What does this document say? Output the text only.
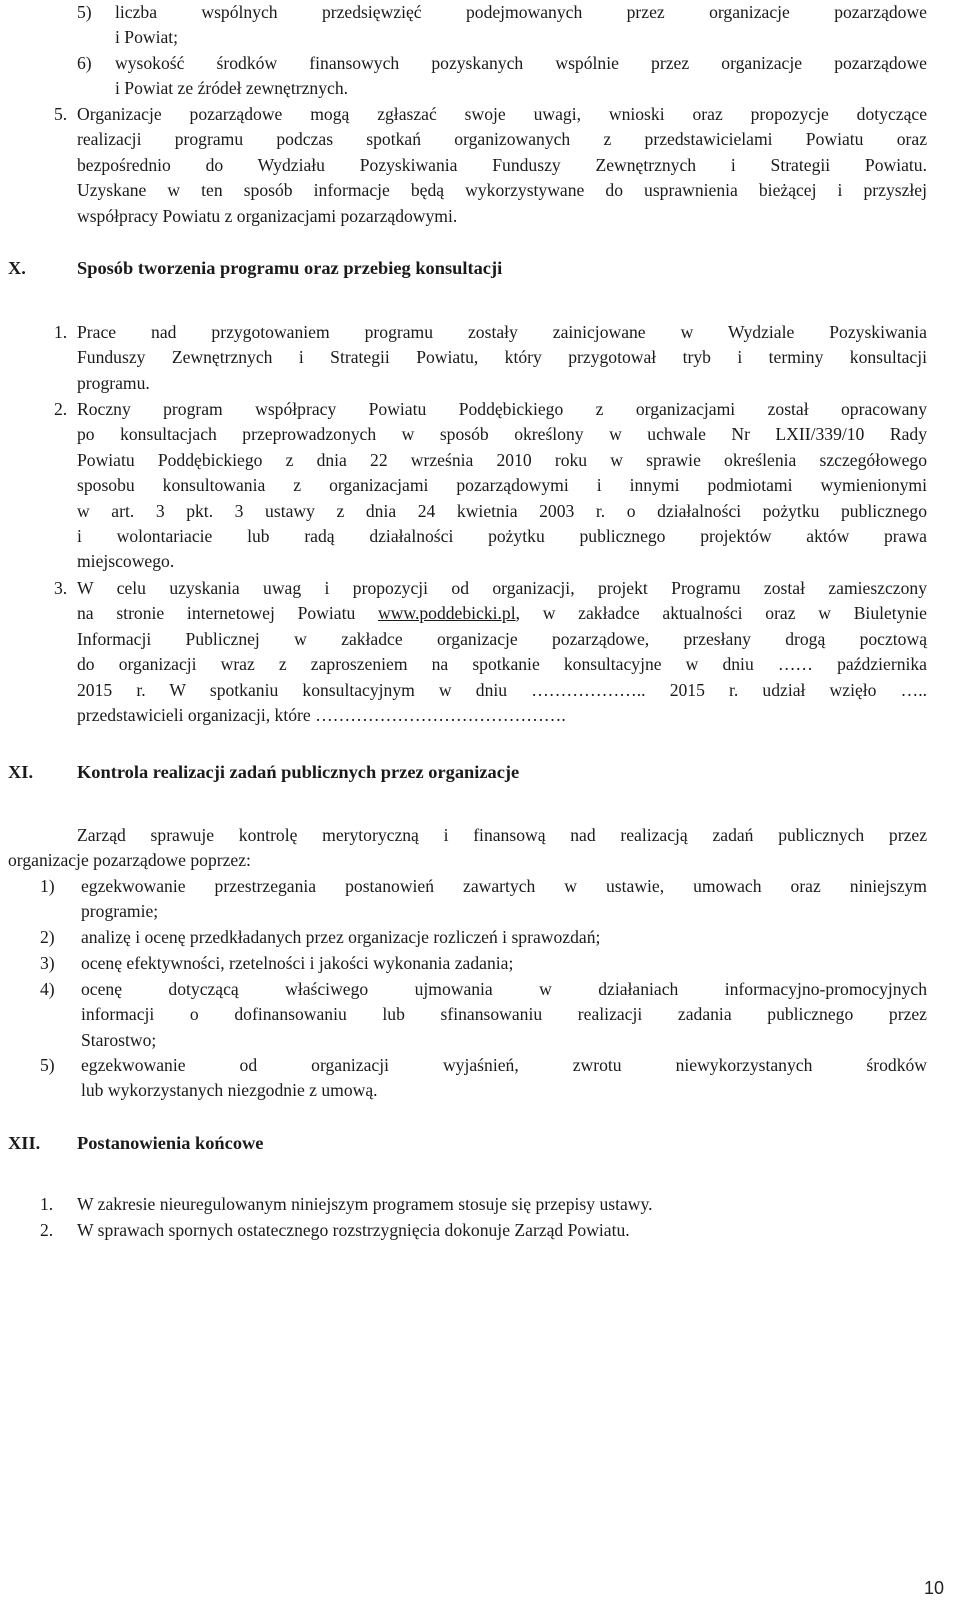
5) liczba wspólnych przedsięwzięć podejmowanych przez organizacje pozarządowe
i Powiat;
6) wysokość środków finansowych pozyskanych wspólnie przez organizacje pozarządowe
i Powiat ze źródeł zewnętrznych.
5. Organizacje pozarządowe mogą zgłaszać swoje uwagi, wnioski oraz propozycje dotyczące
realizacji programu podczas spotkań organizowanych z przedstawicielami Powiatu oraz
bezpośrednio do Wydziału Pozyskiwania Funduszy Zewnętrznych i Strategii Powiatu.
Uzyskane w ten sposób informacje będą wykorzystywane do usprawnienia bieżącej i przyszłej
współpracy Powiatu z organizacjami pozarządowymi.
X.	Sposób tworzenia programu oraz przebieg konsultacji
1. Prace nad przygotowaniem programu zostały zainicjowane w Wydziale Pozyskiwania
Funduszy Zewnętrznych i Strategii Powiatu, który przygotował tryb i terminy konsultacji
programu.
2. Roczny program współpracy Powiatu Poddębickiego z organizacjami został opracowany
po konsultacjach przeprowadzonych w sposób określony w uchwale Nr LXII/339/10 Rady
Powiatu Poddębickiego z dnia 22 września 2010 roku w sprawie określenia szczegółowego
sposobu konsultowania z organizacjami pozarządowymi i innymi podmiotami wymienionymi
w art. 3 pkt. 3 ustawy z dnia 24 kwietnia 2003 r. o działalności pożytku publicznego
i wolontariacie lub radą działalności pożytku publicznego projektów aktów prawa
miejscowego.
3. W celu uzyskania uwag i propozycji od organizacji, projekt Programu został zamieszczony
na stronie internetowej Powiatu www.poddebicki.pl, w zakładce aktualności oraz w Biuletynie
Informacji Publicznej w zakładce organizacje pozarządowe, przesłany drogą pocztową
do organizacji wraz z zaproszeniem na spotkanie konsultacyjne w dniu …… października
2015 r. W spotkaniu konsultacyjnym w dniu ……………….. 2015 r. udział wzięło …..
przedstawicieli organizacji, które …………………………………….
XI. Kontrola realizacji zadań publicznych przez organizacje
Zarząd sprawuje kontrolę merytoryczną i finansową nad realizacją zadań publicznych przez
organizacje pozarządowe poprzez:
1) egzekwowanie przestrzegania postanowień zawartych w ustawie, umowach oraz niniejszym
programie;
2) analizę i ocenę przedkładanych przez organizacje rozliczeń i sprawozdań;
3) ocenę efektywności, rzetelności i jakości wykonania zadania;
4) ocenę dotyczącą właściwego ujmowania w działaniach informacyjno-promocyjnych
informacji o dofinansowaniu lub sfinansowaniu realizacji zadania publicznego przez
Starostwo;
5) egzekwowanie od organizacji wyjaśnień, zwrotu niewykorzystanych środków
lub wykorzystanych niezgodnie z umową.
XII. Postanowienia końcowe
1. W zakresie nieuregulowanym niniejszym programem stosuje się przepisy ustawy.
2. W sprawach spornych ostatecznego rozstrzygnięcia dokonuje Zarząd Powiatu.
10
